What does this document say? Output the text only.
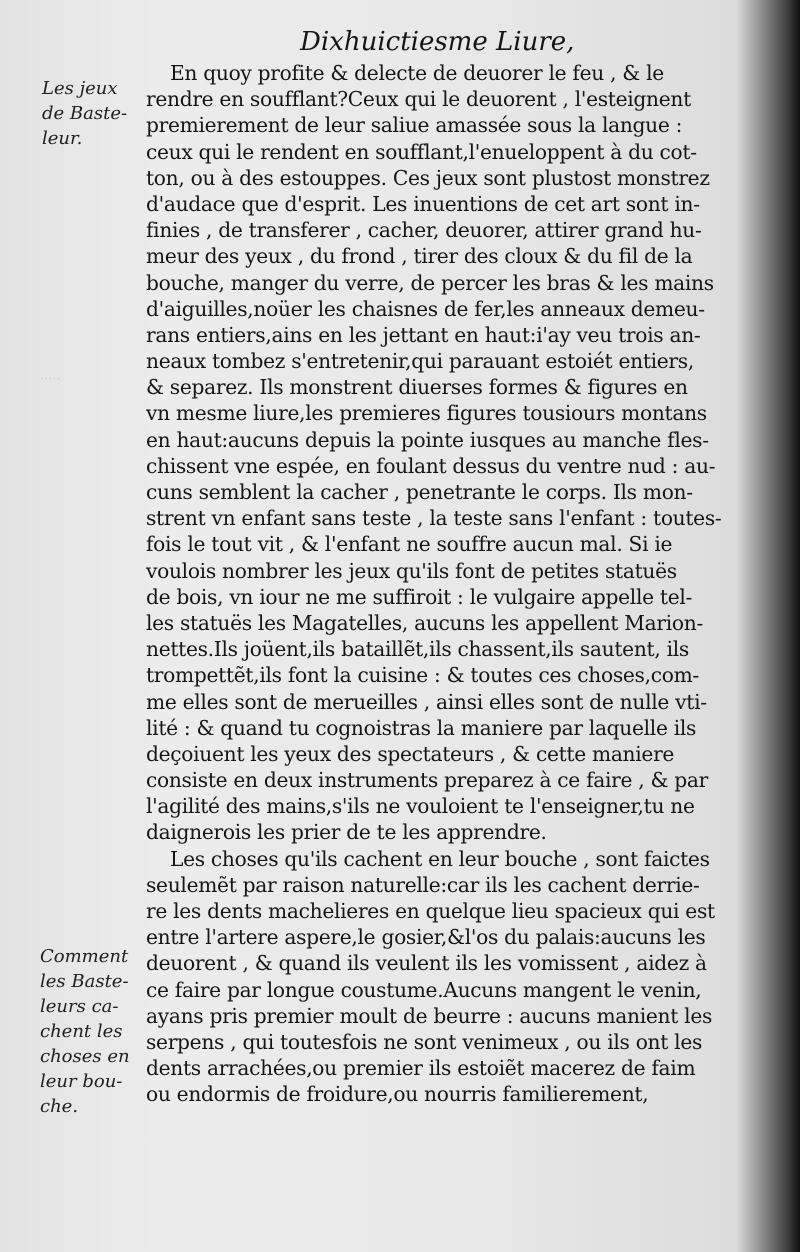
·····
Dixhuictiesme Liure,
Les jeux
de Baste-
leur.
Comment
les Baste-
leurs ca-
chent les
choses en
leur bou-
che.
En quoy profite & delecte de deuorer le feu , & le
rendre en soufflant?Ceux qui le deuorent , l'esteignent
premierement de leur saliue amassée sous la langue :
ceux qui le rendent en soufflant,l'enueloppent à du cot-
ton, ou à des estouppes. Ces jeux sont plustost monstrez
d'audace que d'esprit. Les inuentions de cet art sont in-
finies , de transferer , cacher, deuorer, attirer grand hu-
meur des yeux , du frond , tirer des cloux & du fil de la
bouche, manger du verre, de percer les bras & les mains
d'aiguilles,noüer les chaisnes de fer,les anneaux demeu-
rans entiers,ains en les jettant en haut:i'ay veu trois an-
neaux tombez s'entretenir,qui parauant estoiét entiers,
& separez. Ils monstrent diuerses formes & figures en
vn mesme liure,les premieres figures tousiours montans
en haut:aucuns depuis la pointe iusques au manche fles-
chissent vne espée, en foulant dessus du ventre nud : au-
cuns semblent la cacher , penetrante le corps. Ils mon-
strent vn enfant sans teste , la teste sans l'enfant : toutes-
fois le tout vit , & l'enfant ne souffre aucun mal. Si ie
voulois nombrer les jeux qu'ils font de petites statuës
de bois, vn iour ne me suffiroit : le vulgaire appelle tel-
les statuës les Magatelles, aucuns les appellent Marion-
nettes.Ils joüent,ils bataillẽt,ils chassent,ils sautent, ils
trompettẽt,ils font la cuisine : & toutes ces choses,com-
me elles sont de merueilles , ainsi elles sont de nulle vti-
lité : & quand tu cognoistras la maniere par laquelle ils
deçoiuent les yeux des spectateurs , & cette maniere
consiste en deux instruments preparez à ce faire , & par
l'agilité des mains,s'ils ne vouloient te l'enseigner,tu ne
daignerois les prier de te les apprendre.
Les choses qu'ils cachent en leur bouche , sont faictes
seulemẽt par raison naturelle:car ils les cachent derrie-
re les dents machelieres en quelque lieu spacieux qui est
entre l'artere aspere,le gosier,&l'os du palais:aucuns les
deuorent , & quand ils veulent ils les vomissent , aidez à
ce faire par longue coustume.Aucuns mangent le venin,
ayans pris premier moult de beurre : aucuns manient les
serpens , qui toutesfois ne sont venimeux , ou ils ont les
dents arrachées,ou premier ils estoiẽt macerez de faim
ou endormis de froidure,ou nourris familierement,
